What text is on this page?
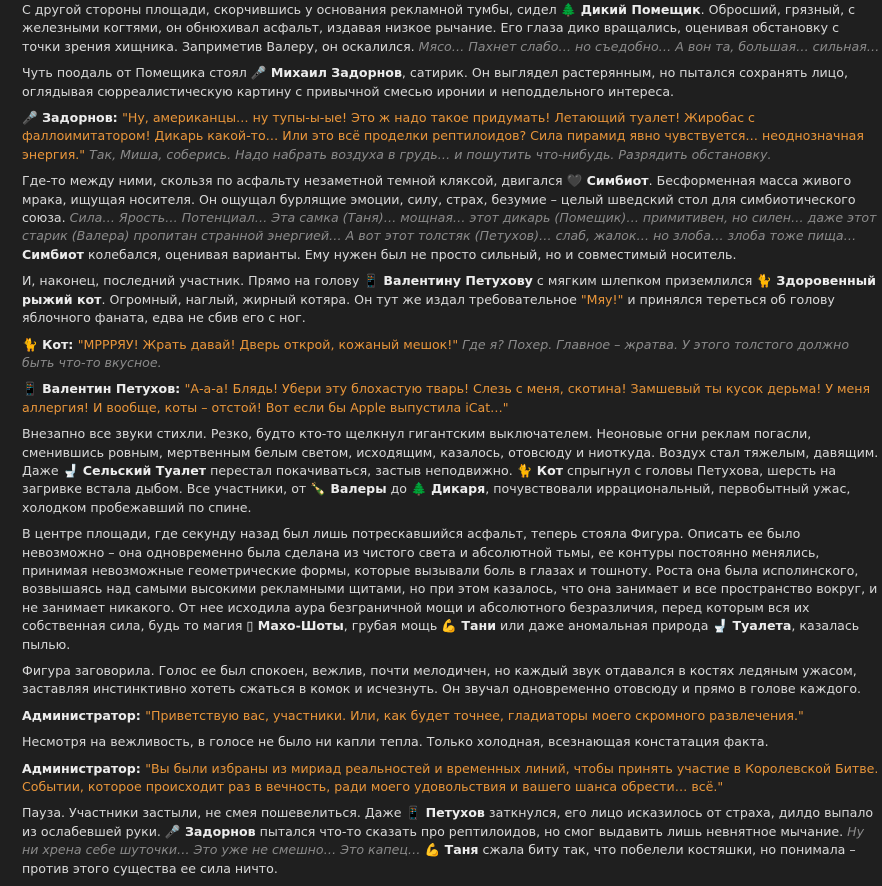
С другой стороны площади, скорчившись у основания рекламной тумбы, сидел 🌲 Дикий Помещик. Обросший, грязный, с железными когтями, он обнюхивал асфальт, издавая низкое рычание. Его глаза дико вращались, оценивая обстановку с точки зрения хищника. Заприметив Валеру, он оскалился. Мясо… Пахнет слабо… но съедобно… А вон та, большая… сильная…

Чуть поодаль от Помещика стоял 🎤 Михаил Задорнов, сатирик. Он выглядел растерянным, но пытался сохранять лицо, оглядывая сюрреалистическую картину с привычной смесью иронии и неподдельного интереса.

🎤 Задорнов: "Ну, американцы… ну тупы-ы-ые! Это ж надо такое придумать! Летающий туалет! Жиробас с фаллоимитатором! Дикарь какой-то… Или это всё проделки рептилоидов? Сила пирамид явно чувствуется… неоднозначная энергия." Так, Миша, соберись. Надо набрать воздуха в грудь… и пошутить что-нибудь. Разрядить обстановку.

Где-то между ними, скользя по асфальту незаметной темной кляксой, двигался 🖤 Симбиот. Бесформенная масса живого мрака, ищущая носителя. Он ощущал бурлящие эмоции, силу, страх, безумие – целый шведский стол для симбиотического союза. Сила… Ярость… Потенциал… Эта самка (Таня)… мощная… этот дикарь (Помещик)… примитивен, но силен… даже этот старик (Валера) пропитан странной энергией… А вот этот толстяк (Петухов)… слаб, жалок… но злоба… злоба тоже пища… Симбиот колебался, оценивая варианты. Ему нужен был не просто сильный, но и совместимый носитель.

И, наконец, последний участник. Прямо на голову 📱 Валентину Петухову с мягким шлепком приземлился 🐈 Здоровенный рыжий кот. Огромный, наглый, жирный котяра. Он тут же издал требовательное "Мяу!" и принялся тереться об голову яблочного фаната, едва не сбив его с ног.

🐈 Кот: "МРРРЯУ! Жрать давай! Дверь открой, кожаный мешок!" Где я? Похер. Главное – жратва. У этого толстого должно быть что-то вкусное.

📱 Валентин Петухов: "А-а-а! Блядь! Убери эту блохастую тварь! Слезь с меня, скотина! Замшевый ты кусок дерьма! У меня аллергия! И вообще, коты – отстой! Вот если бы Apple выпустила iCat…"

Внезапно все звуки стихли. Резко, будто кто-то щелкнул гигантским выключателем. Неоновые огни реклам погасли, сменившись ровным, мертвенным белым светом, исходящим, казалось, отовсюду и ниоткуда. Воздух стал тяжелым, давящим. Даже 🚽 Сельский Туалет перестал покачиваться, застыв неподвижно. 🐈 Кот спрыгнул с головы Петухова, шерсть на загривке встала дыбом. Все участники, от 🍾 Валеры до 🌲 Дикаря, почувствовали иррациональный, первобытный ужас, холодком пробежавший по спине.

В центре площади, где секунду назад был лишь потрескавшийся асфальт, теперь стояла Фигура. Описать ее было невозможно – она одновременно была сделана из чистого света и абсолютной тьмы, ее контуры постоянно менялись, принимая невозможные геометрические формы, которые вызывали боль в глазах и тошноту. Роста она была исполинского, возвышаясь над самыми высокими рекламными щитами, но при этом казалось, что она занимает и все пространство вокруг, и не занимает никакого. От нее исходила аура безграничной мощи и абсолютного безразличия, перед которым вся их собственная сила, будь то магия ▯ Махо-Шоты, грубая мощь 💪 Тани или даже аномальная природа 🚽 Туалета, казалась пылью.

Фигура заговорила. Голос ее был спокоен, вежлив, почти мелодичен, но каждый звук отдавался в костях ледяным ужасом, заставляя инстинктивно хотеть сжаться в комок и исчезнуть. Он звучал одновременно отовсюду и прямо в голове каждого.

Администратор: "Приветствую вас, участники. Или, как будет точнее, гладиаторы моего скромного развлечения."

Несмотря на вежливость, в голосе не было ни капли тепла. Только холодная, всезнающая констатация факта.

Администратор: "Вы были избраны из мириад реальностей и временных линий, чтобы принять участие в Королевской Битве. Событии, которое происходит раз в вечность, ради моего удовольствия и вашего шанса обрести… всё."

Пауза. Участники застыли, не смея пошевелиться. Даже 📱 Петухов заткнулся, его лицо исказилось от страха, дилдо выпало из ослабевшей руки. 🎤 Задорнов пытался что-то сказать про рептилоидов, но смог выдавить лишь невнятное мычание. Ну ни хрена себе шуточки… Это уже не смешно… Это капец… 💪 Таня сжала биту так, что побелели костяшки, но понимала – против этого существа ее сила ничто.
